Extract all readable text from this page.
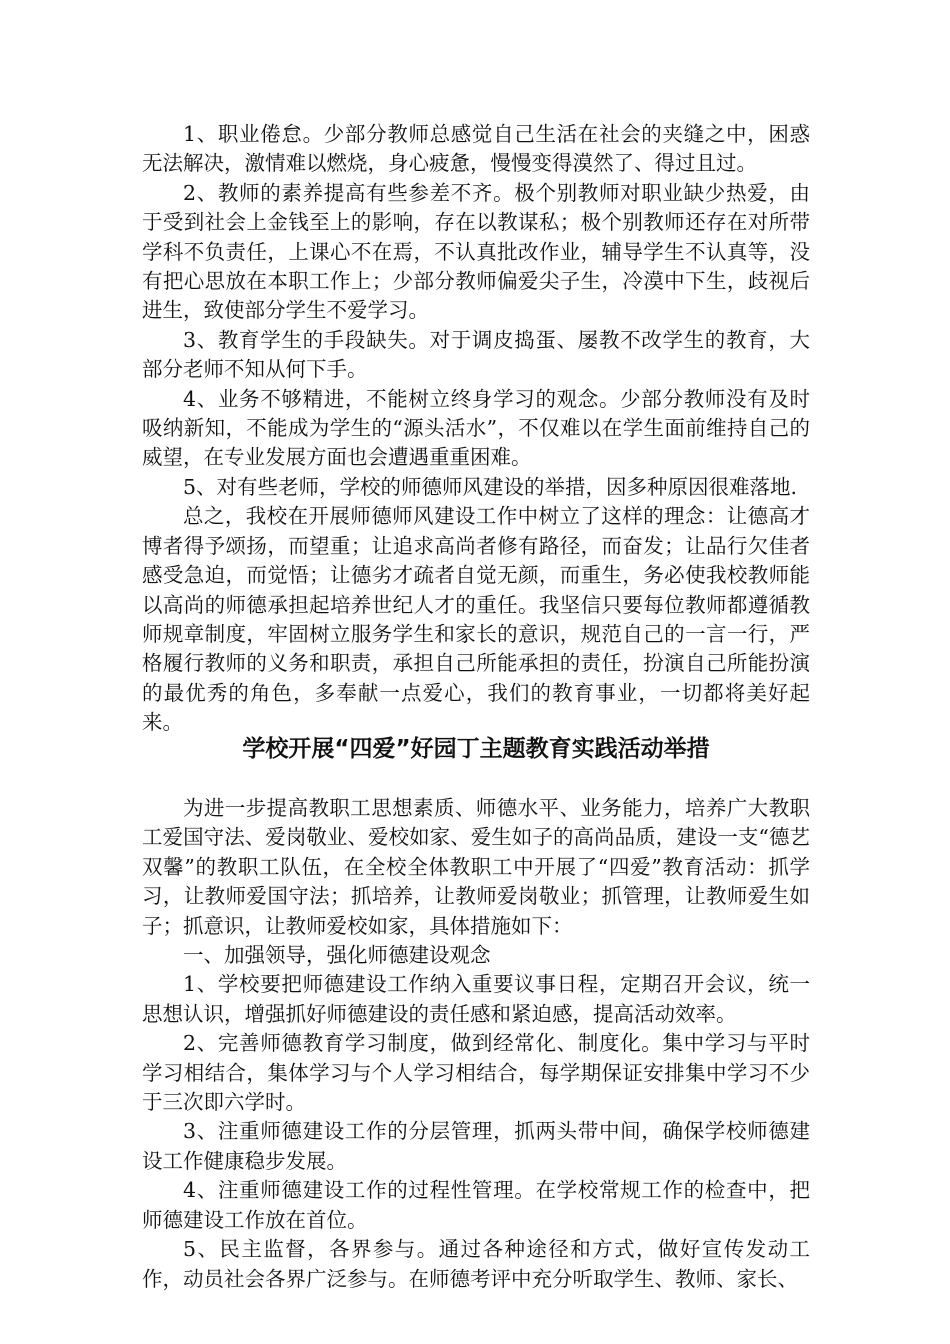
1、职业倦怠。少部分教师总感觉自己生活在社会的夹缝之中，困惑无法解决，激情难以燃烧，身心疲惫，慢慢变得漠然了、得过且过。

2、教师的素养提高有些参差不齐。极个别教师对职业缺少热爱，由于受到社会上金钱至上的影响，存在以教谋私；极个别教师还存在对所带学科不负责任，上课心不在焉，不认真批改作业，辅导学生不认真等，没有把心思放在本职工作上；少部分教师偏爱尖子生，冷漠中下生，歧视后进生，致使部分学生不爱学习。

3、教育学生的手段缺失。对于调皮捣蛋、屡教不改学生的教育，大部分老师不知从何下手。

4、业务不够精进，不能树立终身学习的观念。少部分教师没有及时吸纳新知，不能成为学生的“源头活水”，不仅难以在学生面前维持自己的威望，在专业发展方面也会遭遇重重困难。

5、对有些老师，学校的师德师风建设的举措，因多种原因很难落地.

总之，我校在开展师德师风建设工作中树立了这样的理念：让德高才博者得予颂扬，而望重；让追求高尚者修有路径，而奋发；让品行欠佳者感受急迫，而觉悟；让德劣才疏者自觉无颜，而重生，务必使我校教师能以高尚的师德承担起培养世纪人才的重任。我坚信只要每位教师都遵循教师规章制度，牢固树立服务学生和家长的意识，规范自己的一言一行，严格履行教师的义务和职责，承担自己所能承担的责任，扮演自己所能扮演的最优秀的角色，多奉献一点爱心，我们的教育事业，一切都将美好起来。

学校开展“四爱”好园丁主题教育实践活动举措

为进一步提高教职工思想素质、师德水平、业务能力，培养广大教职工爱国守法、爱岗敬业、爱校如家、爱生如子的高尚品质，建设一支“德艺双馨”的教职工队伍，在全校全体教职工中开展了“四爱”教育活动：抓学习，让教师爱国守法；抓培养，让教师爱岗敬业；抓管理，让教师爱生如子；抓意识，让教师爱校如家，具体措施如下：

一、加强领导，强化师德建设观念

1、学校要把师德建设工作纳入重要议事日程，定期召开会议，统一思想认识，增强抓好师德建设的责任感和紧迫感，提高活动效率。

2、完善师德教育学习制度，做到经常化、制度化。集中学习与平时学习相结合，集体学习与个人学习相结合，每学期保证安排集中学习不少于三次即六学时。

3、注重师德建设工作的分层管理，抓两头带中间，确保学校师德建设工作健康稳步发展。

4、注重师德建设工作的过程性管理。在学校常规工作的检查中，把师德建设工作放在首位。

5、民主监督，各界参与。通过各种途径和方式，做好宣传发动工作，动员社会各界广泛参与。在师德考评中充分听取学生、教师、家长、
